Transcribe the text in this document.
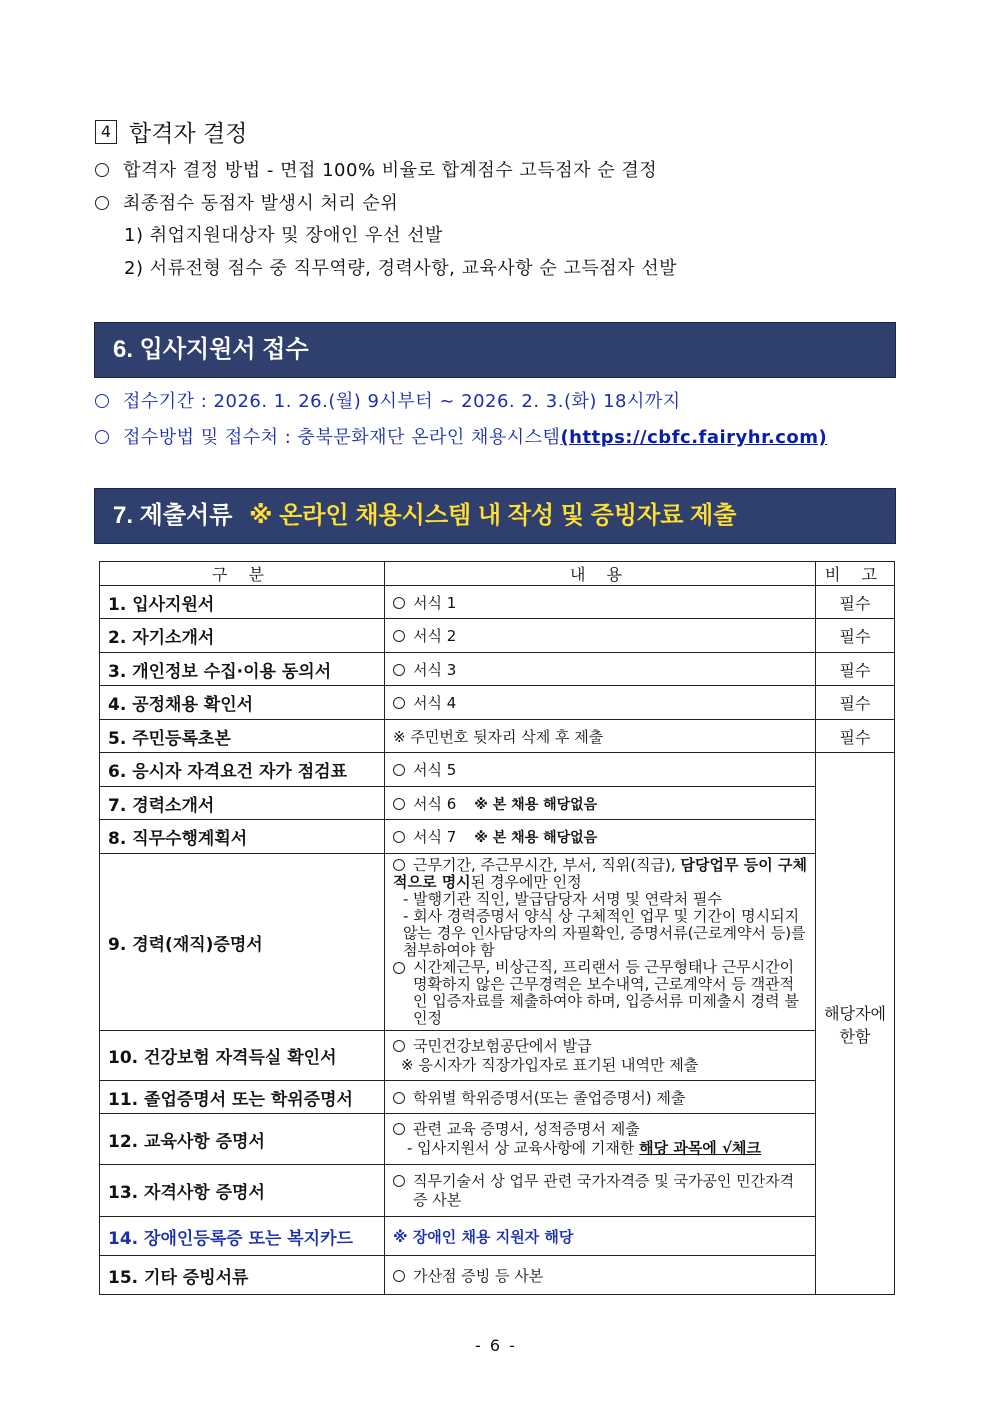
4 합격자 결정
합격자 결정 방법 - 면접 100% 비율로 합계점수 고득점자 순 결정
최종점수 동점자 발생시 처리 순위
1) 취업지원대상자 및 장애인 우선 선발
2) 서류전형 점수 중 직무역량, 경력사항, 교육사항 순 고득점자 선발
6. 입사지원서 접수
접수기간 : 2026. 1. 26.(월) 9시부터 ~ 2026. 2. 3.(화) 18시까지
접수방법 및 접수처 : 충북문화재단 온라인 채용시스템(https://cbfc.fairyhr.com)
7. 제출서류 ※ 온라인 채용시스템 내 작성 및 증빙자료 제출
구 분	내 용	비 고
1. 입사지원서	서식 1	필수
2. 자기소개서	서식 2	필수
3. 개인정보 수집·이용 동의서	서식 3	필수
4. 공정채용 확인서	서식 4	필수
5. 주민등록초본	※ 주민번호 뒷자리 삭제 후 제출	필수
6. 응시자 자격요건 자가 점검표	서식 5	해당자에 한함
7. 경력소개서	서식 6 ※ 본 채용 해당없음	
8. 직무수행계획서	서식 7 ※ 본 채용 해당없음	
9. 경력(재직)증명서	근무기간, 주근무시간, 부서, 직위(직급), 담당업무 등이 구체적으로 명시된 경우에만 인정
- 발행기관 직인, 발급담당자 서명 및 연락처 필수
- 회사 경력증명서 양식 상 구체적인 업무 및 기간이 명시되지 않는 경우 인사담당자의 자필확인, 증명서류(근로계약서 등)를 첨부하여야 함
시간제근무, 비상근직, 프리랜서 등 근무형태나 근무시간이 명확하지 않은 근무경력은 보수내역, 근로계약서 등 객관적인 입증자료를 제출하여야 하며, 입증서류 미제출시 경력 불인정	

10. 건강보험 자격득실 확인서	국민건강보험공단에서 발급
※ 응시자가 직장가입자로 표기된 내역만 제출	

11. 졸업증명서 또는 학위증명서	학위별 학위증명서(또는 졸업증명서) 제출	
12. 교육사항 증명서	관련 교육 증명서, 성적증명서 제출
- 입사지원서 상 교육사항에 기재한 해당 과목에 √체크	

13. 자격사항 증명서	직무기술서 상 업무 관련 국가자격증 및 국가공인 민간자격증 사본	

14. 장애인등록증 또는 복지카드	※ 장애인 채용 지원자 해당	
15. 기타 증빙서류	가산점 증빙 등 사본	
- 6 -
